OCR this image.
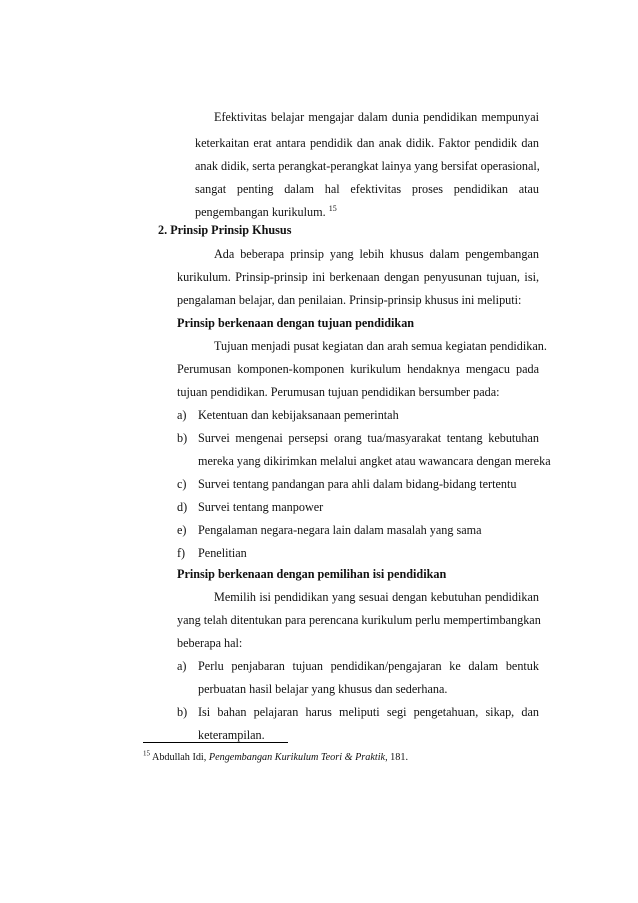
Efektivitas belajar mengajar dalam dunia pendidikan mempunyai
keterkaitan erat antara pendidik dan anak didik. Faktor pendidik dan
anak didik, serta perangkat-perangkat lainya yang bersifat operasional,
sangat penting dalam hal efektivitas proses pendidikan atau
pengembangan kurikulum. $^{15}$
2. Prinsip Prinsip Khusus
Ada beberapa prinsip yang lebih khusus dalam pengembangan
kurikulum. Prinsip-prinsip ini berkenaan dengan penyusunan tujuan, isi,
pengalaman belajar, dan penilaian. Prinsip-prinsip khusus ini meliputi:
Prinsip berkenaan dengan tujuan pendidikan
Tujuan menjadi pusat kegiatan dan arah semua kegiatan pendidikan.
Perumusan komponen-komponen kurikulum hendaknya mengacu pada
tujuan pendidikan. Perumusan tujuan pendidikan bersumber pada:
a) Ketentuan dan kebijaksanaan pemerintah
b) Survei mengenai persepsi orang tua/masyarakat tentang kebutuhan
mereka yang dikirimkan melalui angket atau wawancara dengan mereka
c) Survei tentang pandangan para ahli dalam bidang-bidang tertentu
d) Survei tentang manpower
e) Pengalaman negara-negara lain dalam masalah yang sama
f) Penelitian
Prinsip berkenaan dengan pemilihan isi pendidikan
Memilih isi pendidikan yang sesuai dengan kebutuhan pendidikan
yang telah ditentukan para perencana kurikulum perlu mempertimbangkan
beberapa hal:
a) Perlu penjabaran tujuan pendidikan/pengajaran ke dalam bentuk
perbuatan hasil belajar yang khusus dan sederhana.
b) Isi bahan pelajaran harus meliputi segi pengetahuan, sikap, dan
keterampilan.
$^{15}$ Abdullah Idi, Pengembangan Kurikulum Teori & Praktik, 181.
